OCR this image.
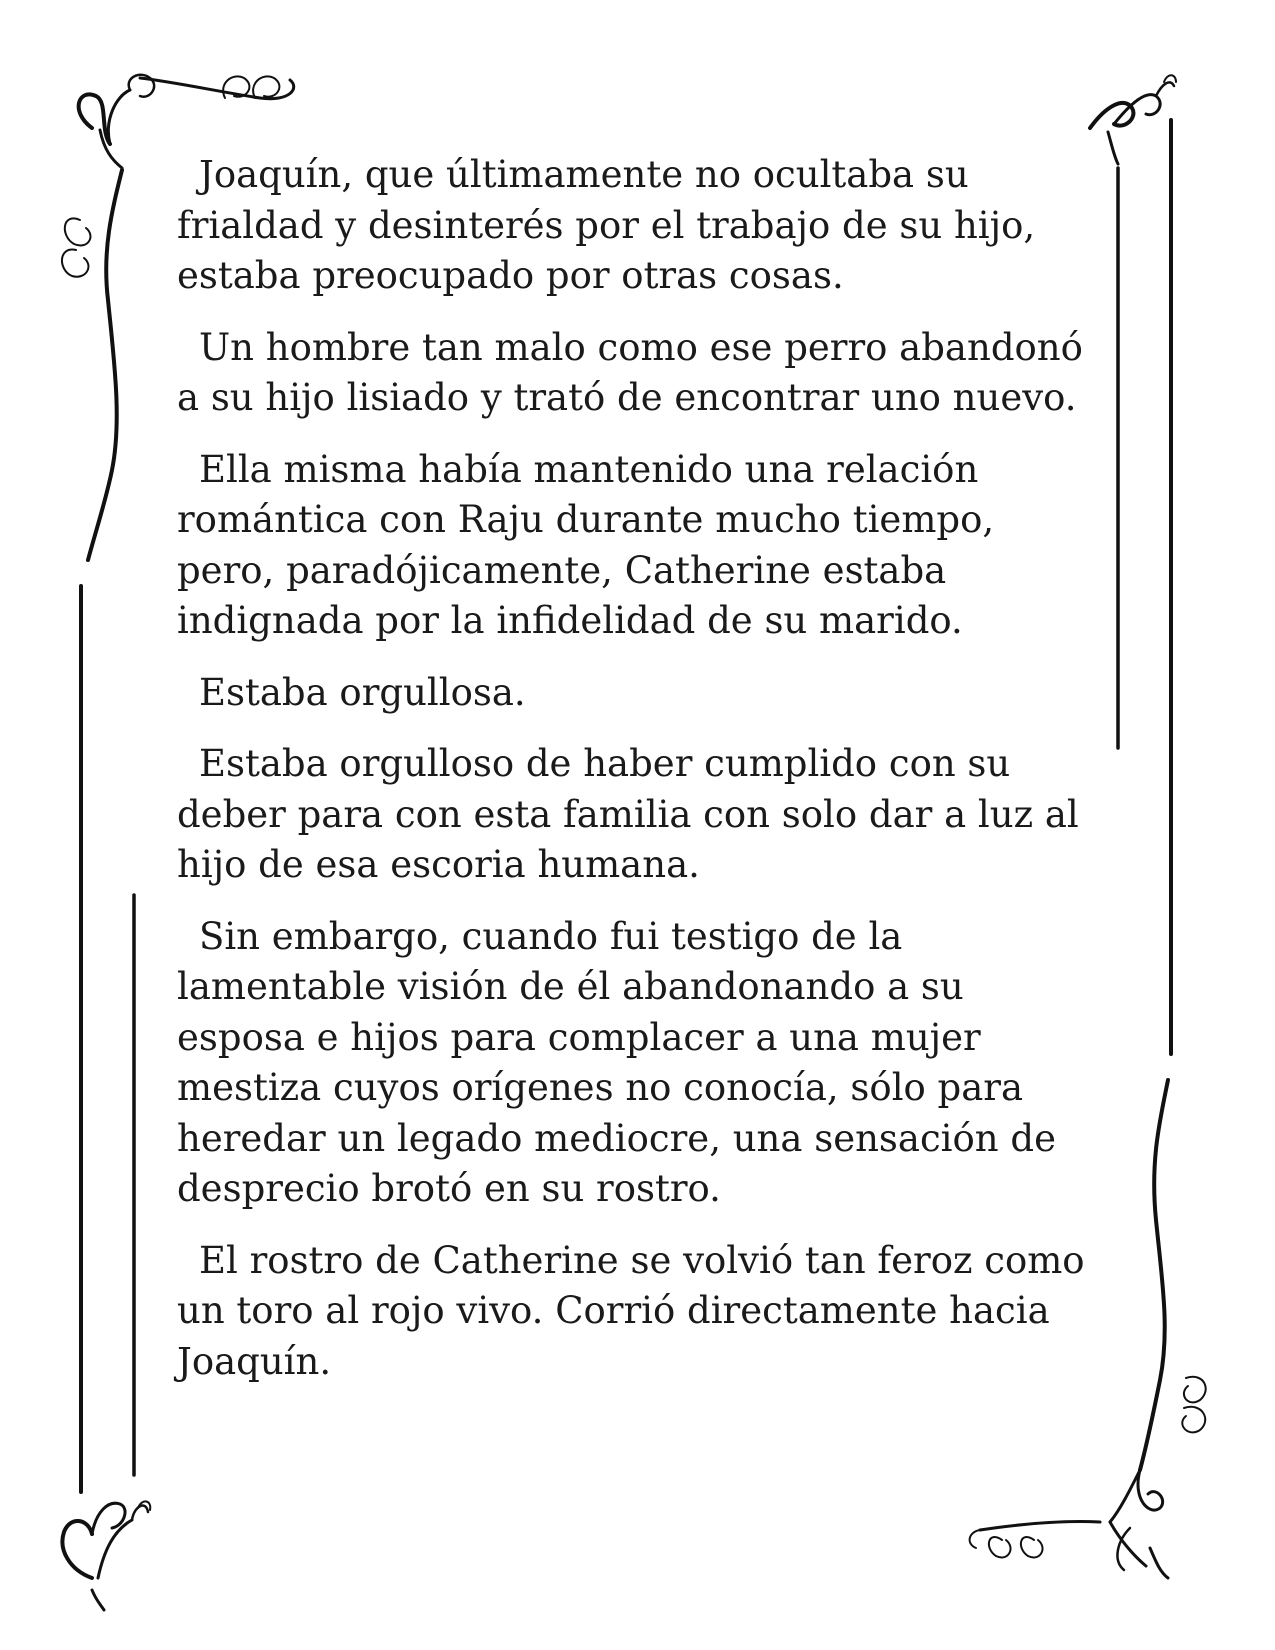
Joaquín, que últimamente no ocultaba su frialdad y desinterés por el trabajo de su hijo, estaba preocupado por otras cosas.

Un hombre tan malo como ese perro abandonó a su hijo lisiado y trató de encontrar uno nuevo.

Ella misma había mantenido una relación romántica con Raju durante mucho tiempo, pero, paradójicamente, Catherine estaba indignada por la infidelidad de su marido.

Estaba orgullosa.

Estaba orgulloso de haber cumplido con su deber para con esta familia con solo dar a luz al hijo de esa escoria humana.

Sin embargo, cuando fui testigo de la lamentable visión de él abandonando a su esposa e hijos para complacer a una mujer mestiza cuyos orígenes no conocía, sólo para heredar un legado mediocre, una sensación de desprecio brotó en su rostro.

El rostro de Catherine se volvió tan feroz como un toro al rojo vivo. Corrió directamente hacia Joaquín.
